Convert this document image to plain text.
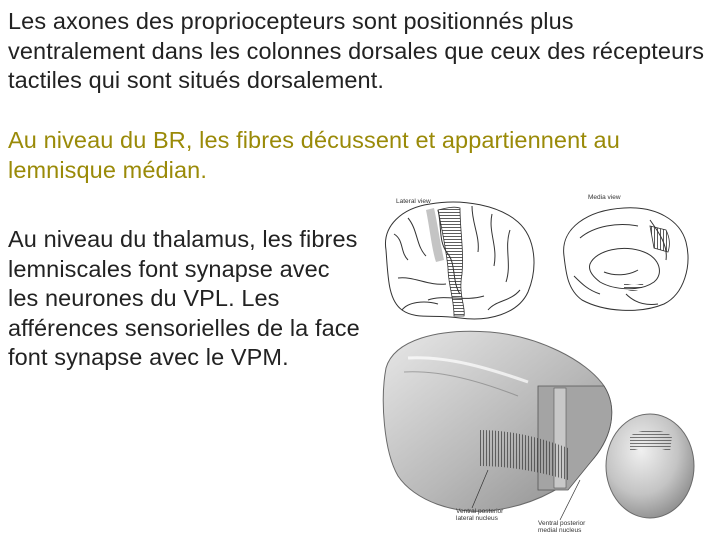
Les axones des propriocepteurs sont positionnés plus ventralement dans les colonnes dorsales que ceux des récepteurs tactiles qui sont situés dorsalement.

Au niveau du BR, les fibres décussent et appartiennent au lemnisque médian.

Au niveau du thalamus, les fibres lemniscales font synapse avec les neurones du VPL. Les afférences sensorielles de la face font synapse avec le VPM.

Lateral view
Media view
Ventral posterior
lateral nucleus
Ventral posterior
medial nucleus
